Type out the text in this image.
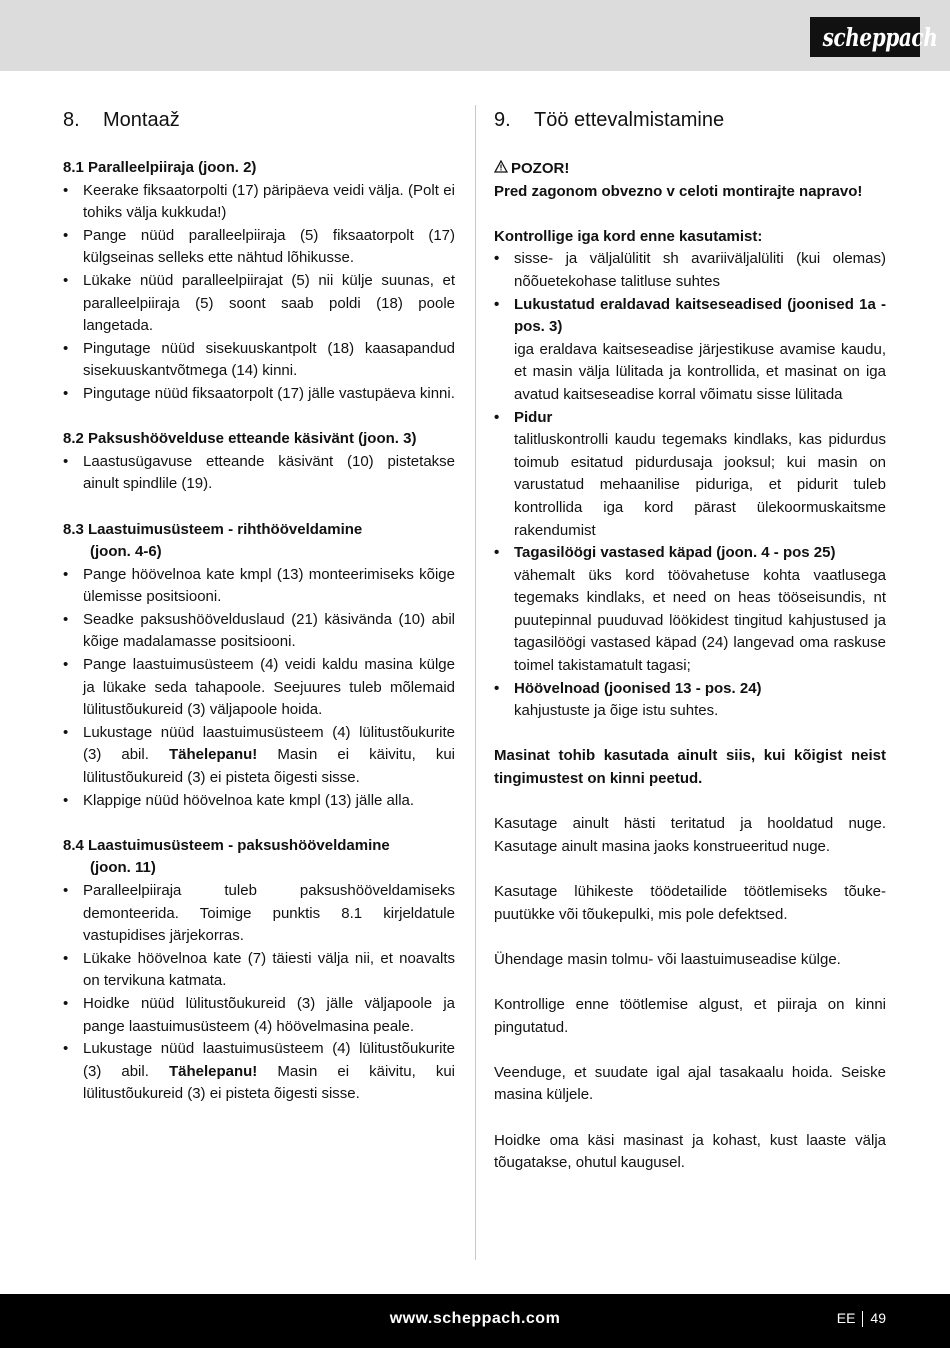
scheppach
8.	Montaaž

8.1 Paralleelpiiraja (joon. 2)

• Keerake fiksaatorpolti (17) päripäeva veidi välja. (Polt ei tohiks välja kukkuda!)
• Pange nüüd paralleelpiiraja (5) fiksaatorpolt (17) külgseinas selleks ette nähtud lõhikusse.
• Lükake nüüd paralleelpiirajat (5) nii külje suunas, et paralleelpiiraja (5) soont saab poldi (18) poole langetada.
• Pingutage nüüd sisekuuskantpolt (18) kaasapandud sisekuuskantvõtmega (14) kinni.
• Pingutage nüüd fiksaatorpolt (17) jälle vastupäeva kinni.

8.2 Paksushöövelduse etteande käsivänt (joon. 3)

• Laastusügavuse etteande käsivänt (10) pistetakse ainult spindlile (19).

8.3 Laastuimusüsteem - rihthööveldamine
(joon. 4-6)

• Pange höövelnoa kate kmpl (13) monteerimiseks kõige ülemisse positsiooni.
• Seadke paksushöövelduslaud (21) käsivända (10) abil kõige madalamasse positsiooni.
• Pange laastuimusüsteem (4) veidi kaldu masina külge ja lükake seda tahapoole. Seejuures tuleb mõlemaid lülitustõukureid (3) väljapoole hoida.
• Lukustage nüüd laastuimusüsteem (4) lülitustõukurite (3) abil. Tähelepanu! Masin ei käivitu, kui lülitustõukureid (3) ei pisteta õigesti sisse.
• Klappige nüüd höövelnoa kate kmpl (13) jälle alla.

8.4 Laastuimusüsteem - paksushööveldamine
(joon. 11)

• Paralleelpiiraja tuleb paksushööveldamiseks demonteerida. Toimige punktis 8.1 kirjeldatule vastupidises järjekorras.
• Lükake höövelnoa kate (7) täiesti välja nii, et noavalts on tervikuna katmata.
• Hoidke nüüd lülitustõukureid (3) jälle väljapoole ja pange laastuimusüsteem (4) höövelmasina peale.
• Lukustage nüüd laastuimusüsteem (4) lülitustõukurite (3) abil. Tähelepanu! Masin ei käivitu, kui lülitustõukureid (3) ei pisteta õigesti sisse.
9.	Töö ettevalmistamine

POZOR!

Pred zagonom obvezno v celoti montirajte napravo!

Kontrollige iga kord enne kasutamist:

• sisse- ja väljalülitit sh avariiväljalüliti (kui olemas) nõõuetekohase talitluse suhtes
• Lukustatud eraldavad kaitseseadised (joonised 1a - pos. 3)
iga eraldava kaitseseadise järjestikuse avamise kaudu, et masin välja lülitada ja kontrollida, et masinat on iga avatud kaitseseadise korral võimatu sisse lülitada
• Pidur
talitluskontrolli kaudu tegemaks kindlaks, kas pidurdus toimub esitatud pidurdusaja jooksul; kui masin on varustatud mehaanilise piduriga, et pidurit tuleb kontrollida iga kord pärast ülekoormuskaitsme rakendumist
• Tagasilöögi vastased käpad (joon. 4 - pos 25)
vähemalt üks kord töövahetuse kohta vaatlusega tegemaks kindlaks, et need on heas tööseisundis, nt puutepinnal puuduvad löökidest tingitud kahjustused ja tagasilöögi vastased käpad (24) langevad oma raskuse toimel takistamatult tagasi;
• Höövelnoad (joonised 13 - pos. 24)
kahjustuste ja õige istu suhtes.

Masinat tohib kasutada ainult siis, kui kõigist neist tingimustest on kinni peetud.

Kasutage ainult hästi teritatud ja hooldatud nuge. Kasutage ainult masina jaoks konstrueeritud nuge.

Kasutage lühikeste töödetailide töötlemiseks tõuke-puutükke või tõukepulki, mis pole defektsed.

Ühendage masin tolmu- või laastuimuseadise külge.

Kontrollige enne töötlemise algust, et piiraja on kinni pingutatud.

Veenduge, et suudate igal ajal tasakaalu hoida. Seiske masina küljele.

Hoidke oma käsi masinast ja kohast, kust laaste välja tõugatakse, ohutul kaugusel.

www.scheppach.com	EE 49
